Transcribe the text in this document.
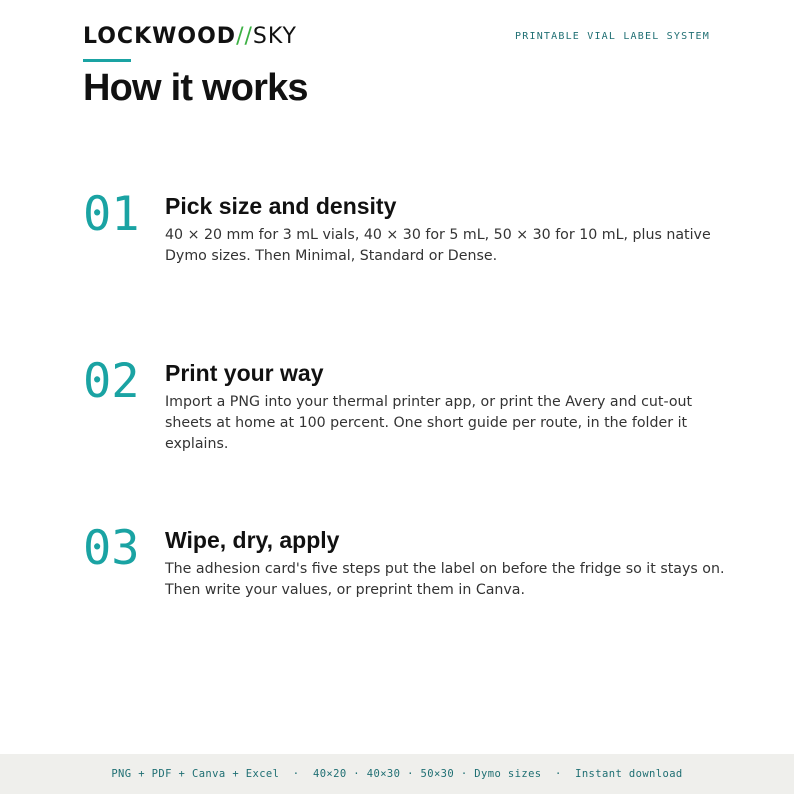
LOCKWOOD//SKY	PRINTABLE VIAL LABEL SYSTEM
How it works
01 Pick size and density
40 × 20 mm for 3 mL vials, 40 × 30 for 5 mL, 50 × 30 for 10 mL, plus native Dymo sizes. Then Minimal, Standard or Dense.
02 Print your way
Import a PNG into your thermal printer app, or print the Avery and cut-out sheets at home at 100 percent. One short guide per route, in the folder it explains.
03 Wipe, dry, apply
The adhesion card's five steps put the label on before the fridge so it stays on. Then write your values, or preprint them in Canva.
PNG + PDF + Canva + Excel  ·  40×20 · 40×30 · 50×30 · Dymo sizes  ·  Instant download
